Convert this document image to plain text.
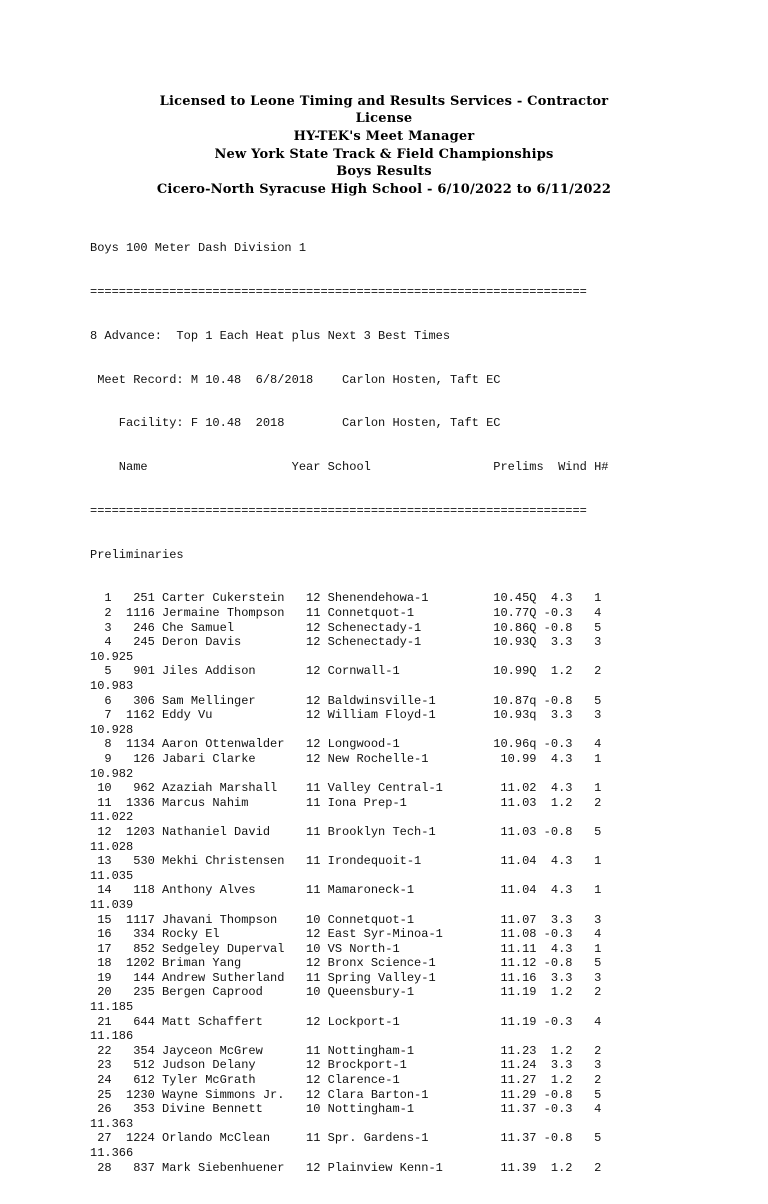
Licensed to Leone Timing and Results Services - Contractor
License
HY-TEK's Meet Manager
New York State Track & Field Championships
Boys Results
Cicero-North Syracuse High School - 6/10/2022 to 6/11/2022

Boys 100 Meter Dash Division 1

=====================================================================

8 Advance:  Top 1 Each Heat plus Next 3 Best Times

Meet Record: M 10.48  6/8/2018    Carlon Hosten, Taft EC

Facility: F 10.48  2018        Carlon Hosten, Taft EC

Name                    Year School                 Prelims  Wind H#

=====================================================================

Preliminaries

1   251 Carter Cukerstein   12 Shenendehowa-1         10.45Q  4.3   1
2  1116 Jermaine Thompson   11 Connetquot-1           10.77Q -0.3   4
3   246 Che Samuel          12 Schenectady-1          10.86Q -0.8   5
4   245 Deron Davis         12 Schenectady-1          10.93Q  3.3   3
10.925
5   901 Jiles Addison       12 Cornwall-1             10.99Q  1.2   2
10.983
6   306 Sam Mellinger       12 Baldwinsville-1        10.87q -0.8   5
7  1162 Eddy Vu             12 William Floyd-1        10.93q  3.3   3
10.928
8  1134 Aaron Ottenwalder   12 Longwood-1             10.96q -0.3   4
9   126 Jabari Clarke       12 New Rochelle-1          10.99  4.3   1
10.982
10   962 Azaziah Marshall    11 Valley Central-1        11.02  4.3   1
11  1336 Marcus Nahim        11 Iona Prep-1             11.03  1.2   2
11.022
12  1203 Nathaniel David     11 Brooklyn Tech-1         11.03 -0.8   5
11.028
13   530 Mekhi Christensen   11 Irondequoit-1           11.04  4.3   1
11.035
14   118 Anthony Alves       11 Mamaroneck-1            11.04  4.3   1
11.039
15  1117 Jhavani Thompson    10 Connetquot-1            11.07  3.3   3
16   334 Rocky El            12 East Syr-Minoa-1        11.08 -0.3   4
17   852 Sedgeley Duperval   10 VS North-1              11.11  4.3   1
18  1202 Briman Yang         12 Bronx Science-1         11.12 -0.8   5
19   144 Andrew Sutherland   11 Spring Valley-1         11.16  3.3   3
20   235 Bergen Caprood      10 Queensbury-1            11.19  1.2   2
11.185
21   644 Matt Schaffert      12 Lockport-1              11.19 -0.3   4
11.186
22   354 Jayceon McGrew      11 Nottingham-1            11.23  1.2   2
23   512 Judson Delany       12 Brockport-1             11.24  3.3   3
24   612 Tyler McGrath       12 Clarence-1              11.27  1.2   2
25  1230 Wayne Simmons Jr.   12 Clara Barton-1          11.29 -0.8   5
26   353 Divine Bennett      10 Nottingham-1            11.37 -0.3   4
11.363
27  1224 Orlando McClean     11 Spr. Gardens-1          11.37 -0.8   5
11.366
28   837 Mark Siebenhuener   12 Plainview Kenn-1        11.39  1.2   2
